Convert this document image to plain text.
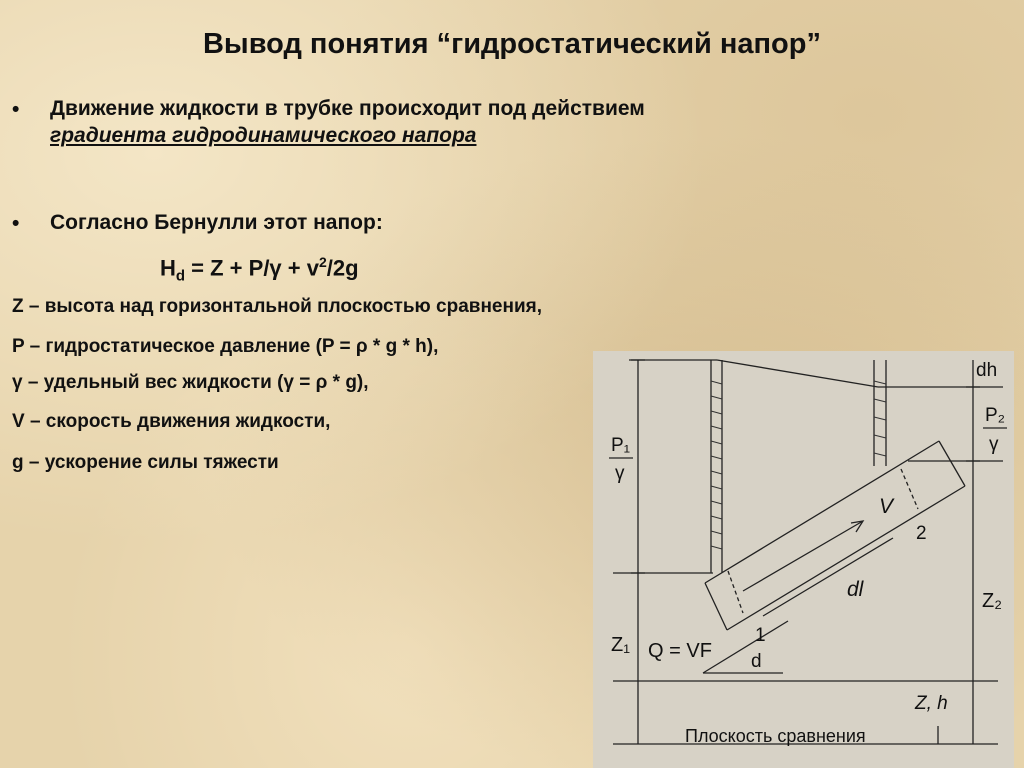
Вывод понятия “гидростатический напор”
• Движение жидкости в трубке происходит под действием
градиента гидродинамического напора
• Согласно Бернулли этот напор:
$H_d = Z + P/\gamma + v^2/2g$
Z – высота над горизонтальной плоскостью сравнения,
P – гидростатическое давление (P = ρ * g * h),
γ – удельный вес жидкости (γ = ρ * g),
V – скорость движения жидкости,
g – ускорение силы тяжести
dh
P₂
γ
P₁
γ
V
2
dl
1
Z₁
Z₂
Q = VF d
Z, h
Плоскость сравнения
